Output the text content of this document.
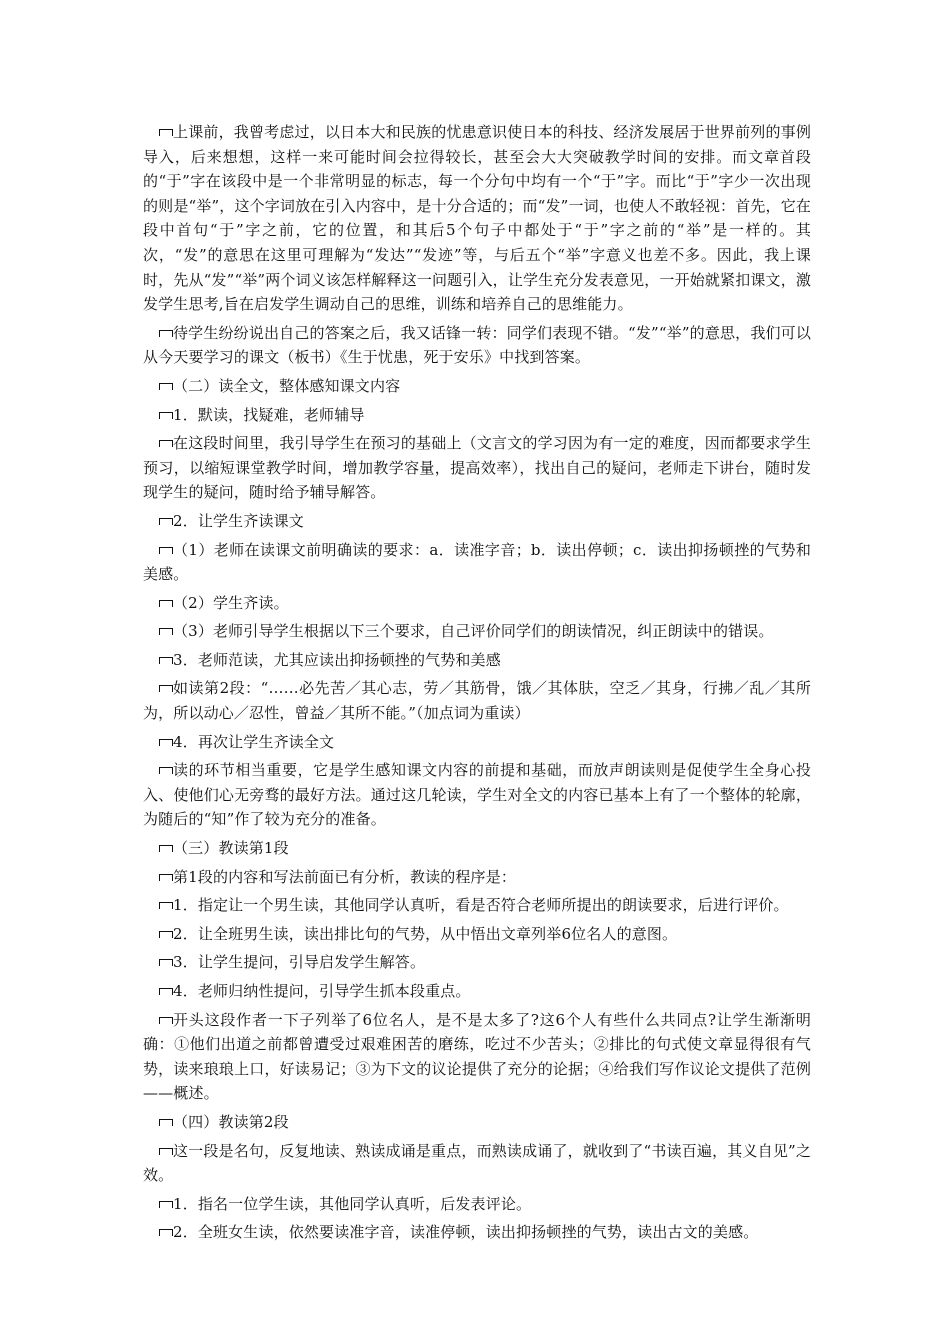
上课前，我曾考虑过，以日本大和民族的忧患意识使日本的科技、经济发展居于世界前列的事例导入，后来想想，这样一来可能时间会拉得较长，甚至会大大突破教学时间的安排。而文章首段的“于”字在该段中是一个非常明显的标志，每一个分句中均有一个“于”字。而比“于”字少一次出现的则是“举”，这个字词放在引入内容中，是十分合适的；而“发”一词，也使人不敢轻视：首先，它在段中首句“于”字之前，它的位置，和其后5个句子中都处于“于”字之前的“举”是一样的。其次，“发”的意思在这里可理解为“发达”“发迹”等，与后五个“举”字意义也差不多。因此，我上课时，先从“发”“举”两个词义该怎样解释这一问题引入，让学生充分发表意见，一开始就紧扣课文，激发学生思考,旨在启发学生调动自己的思维，训练和培养自己的思维能力。

待学生纷纷说出自己的答案之后，我又话锋一转：同学们表现不错。“发”“举”的意思，我们可以从今天要学习的课文（板书）《生于忧患，死于安乐》中找到答案。

（二）读全文，整体感知课文内容

1．默读，找疑难，老师辅导

在这段时间里，我引导学生在预习的基础上（文言文的学习因为有一定的难度，因而都要求学生预习，以缩短课堂教学时间，增加教学容量，提高效率），找出自己的疑问，老师走下讲台，随时发现学生的疑问，随时给予辅导解答。

2．让学生齐读课文

（1）老师在读课文前明确读的要求：a．读准字音；b．读出停顿；c．读出抑扬顿挫的气势和美感。

（2）学生齐读。

（3）老师引导学生根据以下三个要求，自己评价同学们的朗读情况，纠正朗读中的错误。

3．老师范读，尤其应读出抑扬顿挫的气势和美感

如读第2段：“……必先苦／其心志，劳／其筋骨，饿／其体肤，空乏／其身，行拂／乱／其所为，所以动心／忍性，曾益／其所不能。”（加点词为重读）

4．再次让学生齐读全文

读的环节相当重要，它是学生感知课文内容的前提和基础，而放声朗读则是促使学生全身心投入、使他们心无旁骛的最好方法。通过这几轮读，学生对全文的内容已基本上有了一个整体的轮廓，为随后的“知”作了较为充分的准备。

（三）教读第1段

第1段的内容和写法前面已有分析，教读的程序是：

1．指定让一个男生读，其他同学认真听，看是否符合老师所提出的朗读要求，后进行评价。

2．让全班男生读，读出排比句的气势，从中悟出文章列举6位名人的意图。

3．让学生提问，引导启发学生解答。

4．老师归纳性提问，引导学生抓本段重点。

开头这段作者一下子列举了6位名人，是不是太多了?这6个人有些什么共同点?让学生渐渐明确：①他们出道之前都曾遭受过艰难困苦的磨练，吃过不少苦头；②排比的句式使文章显得很有气势，读来琅琅上口，好读易记；③为下文的议论提供了充分的论据；④给我们写作议论文提供了范例——概述。

（四）教读第2段

这一段是名句，反复地读、熟读成诵是重点，而熟读成诵了，就收到了“书读百遍，其义自见”之效。

1．指名一位学生读，其他同学认真听，后发表评论。

2．全班女生读，依然要读准字音，读准停顿，读出抑扬顿挫的气势，读出古文的美感。
